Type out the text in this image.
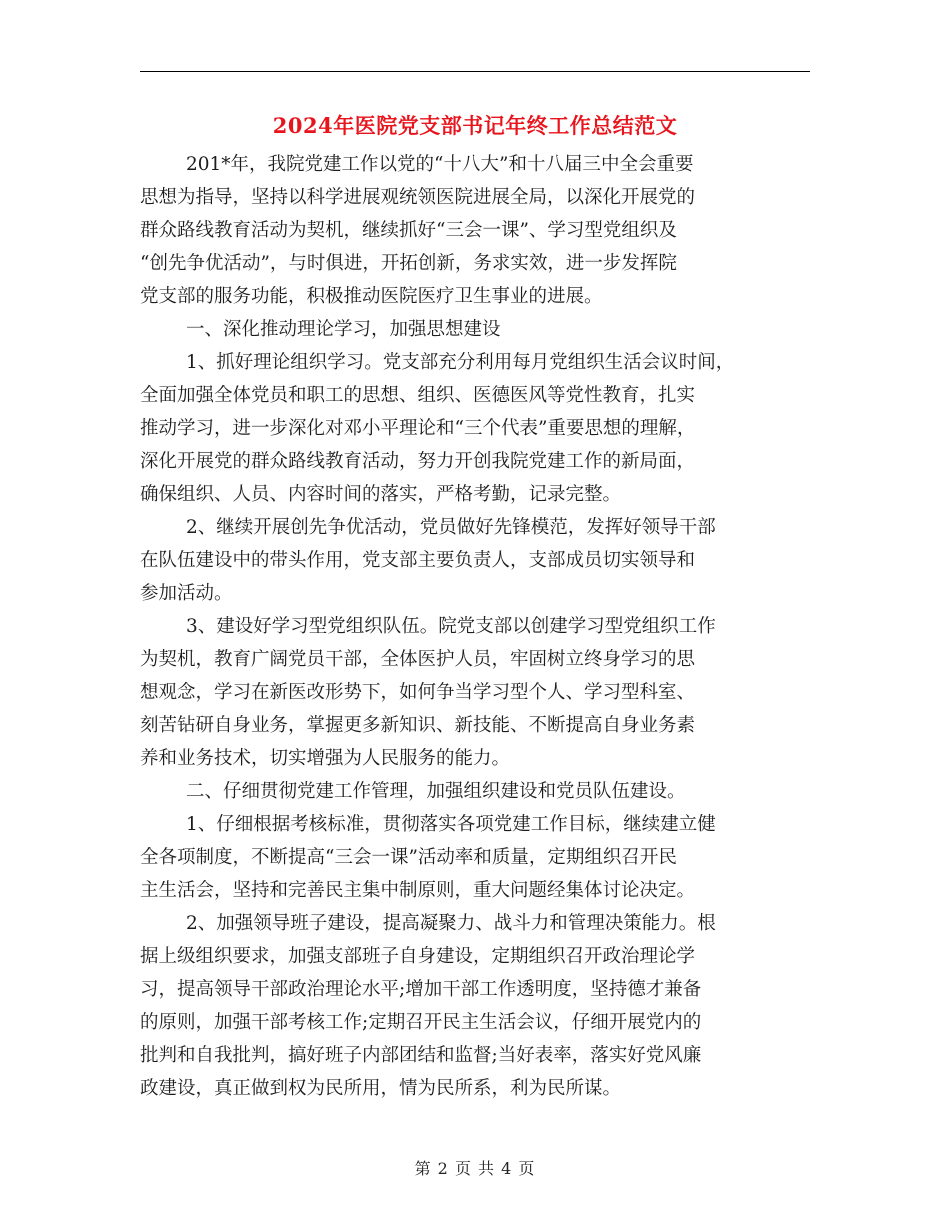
2024年医院党支部书记年终工作总结范文
201*年，我院党建工作以党的“十八大”和十八届三中全会重要
思想为指导，坚持以科学进展观统领医院进展全局，以深化开展党的
群众路线教育活动为契机，继续抓好“三会一课”、学习型党组织及
“创先争优活动”，与时俱进，开拓创新，务求实效，进一步发挥院
党支部的服务功能，积极推动医院医疗卫生事业的进展。
一、深化推动理论学习，加强思想建设
1、抓好理论组织学习。党支部充分利用每月党组织生活会议时间，
全面加强全体党员和职工的思想、组织、医德医风等党性教育，扎实
推动学习，进一步深化对邓小平理论和“三个代表”重要思想的理解，
深化开展党的群众路线教育活动，努力开创我院党建工作的新局面，
确保组织、人员、内容时间的落实，严格考勤，记录完整。
2、继续开展创先争优活动，党员做好先锋模范，发挥好领导干部
在队伍建设中的带头作用，党支部主要负责人，支部成员切实领导和
参加活动。
3、建设好学习型党组织队伍。院党支部以创建学习型党组织工作
为契机，教育广阔党员干部，全体医护人员，牢固树立终身学习的思
想观念，学习在新医改形势下，如何争当学习型个人、学习型科室、
刻苦钻研自身业务，掌握更多新知识、新技能、不断提高自身业务素
养和业务技术，切实增强为人民服务的能力。
二、仔细贯彻党建工作管理，加强组织建设和党员队伍建设。
1、仔细根据考核标准，贯彻落实各项党建工作目标，继续建立健
全各项制度，不断提高“三会一课”活动率和质量，定期组织召开民
主生活会，坚持和完善民主集中制原则，重大问题经集体讨论决定。
2、加强领导班子建设，提高凝聚力、战斗力和管理决策能力。根
据上级组织要求，加强支部班子自身建设，定期组织召开政治理论学
习，提高领导干部政治理论水平;增加干部工作透明度，坚持德才兼备
的原则，加强干部考核工作;定期召开民主生活会议，仔细开展党内的
批判和自我批判，搞好班子内部团结和监督;当好表率，落实好党风廉
政建设，真正做到权为民所用，情为民所系，利为民所谋。
第 2 页 共 4 页
